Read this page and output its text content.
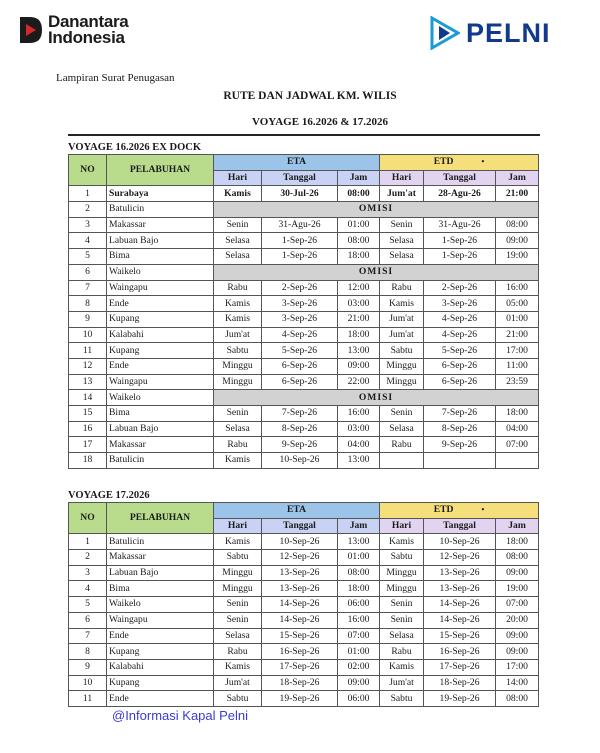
Danantara
Indonesia	PELNI
Lampiran Surat Penugasan
RUTE DAN JADWAL KM. WILIS
VOYAGE 16.2026 & 17.2026
VOYAGE 16.2026 EX DOCK
NO	PELABUHAN	ETA			ETD •
		Hari	Tanggal	Jam	Hari	Tanggal	Jam
1	Surabaya	Kamis	30-Jul-26	08:00	Jum'at	28-Agu-26	21:00
2	Batulicin	OMISI					
3	Makassar	Senin	31-Agu-26	01:00	Senin	31-Agu-26	08:00
4	Labuan Bajo	Selasa	1-Sep-26	08:00	Selasa	1-Sep-26	09:00
5	Bima	Selasa	1-Sep-26	18:00	Selasa	1-Sep-26	19:00
6	Waikelo	OMISI					
7	Waingapu	Rabu	2-Sep-26	12:00	Rabu	2-Sep-26	16:00
8	Ende	Kamis	3-Sep-26	03:00	Kamis	3-Sep-26	05:00
9	Kupang	Kamis	3-Sep-26	21:00	Jum'at	4-Sep-26	01:00
10	Kalabahi	Jum'at	4-Sep-26	18:00	Jum'at	4-Sep-26	21:00
11	Kupang	Sabtu	5-Sep-26	13:00	Sabtu	5-Sep-26	17:00
12	Ende	Minggu	6-Sep-26	09:00	Minggu	6-Sep-26	11:00
13	Waingapu	Minggu	6-Sep-26	22:00	Minggu	6-Sep-26	23:59
14	Waikelo	OMISI					
15	Bima	Senin	7-Sep-26	16:00	Senin	7-Sep-26	18:00
16	Labuan Bajo	Selasa	8-Sep-26	03:00	Selasa	8-Sep-26	04:00
17	Makassar	Rabu	9-Sep-26	04:00	Rabu	9-Sep-26	07:00
18	Batulicin	Kamis	10-Sep-26	13:00			
VOYAGE 17.2026
NO	PELABUHAN	ETA			ETD •
		Hari	Tanggal	Jam	Hari	Tanggal	Jam
1	Batulicin	Kamis	10-Sep-26	13:00	Kamis	10-Sep-26	18:00
2	Makassar	Sabtu	12-Sep-26	01:00	Sabtu	12-Sep-26	08:00
3	Labuan Bajo	Minggu	13-Sep-26	08:00	Minggu	13-Sep-26	09:00
4	Bima	Minggu	13-Sep-26	18:00	Minggu	13-Sep-26	19:00
5	Waikelo	Senin	14-Sep-26	06:00	Senin	14-Sep-26	07:00
6	Waingapu	Senin	14-Sep-26	16:00	Senin	14-Sep-26	20:00
7	Ende	Selasa	15-Sep-26	07:00	Selasa	15-Sep-26	09:00
8	Kupang	Rabu	16-Sep-26	01:00	Rabu	16-Sep-26	09:00
9	Kalabahi	Kamis	17-Sep-26	02:00	Kamis	17-Sep-26	17:00
10	Kupang	Jum'at	18-Sep-26	09:00	Jum'at	18-Sep-26	14:00
11	Ende	Sabtu	19-Sep-26	06:00	Sabtu	19-Sep-26	08:00
@Informasi Kapal Pelni
